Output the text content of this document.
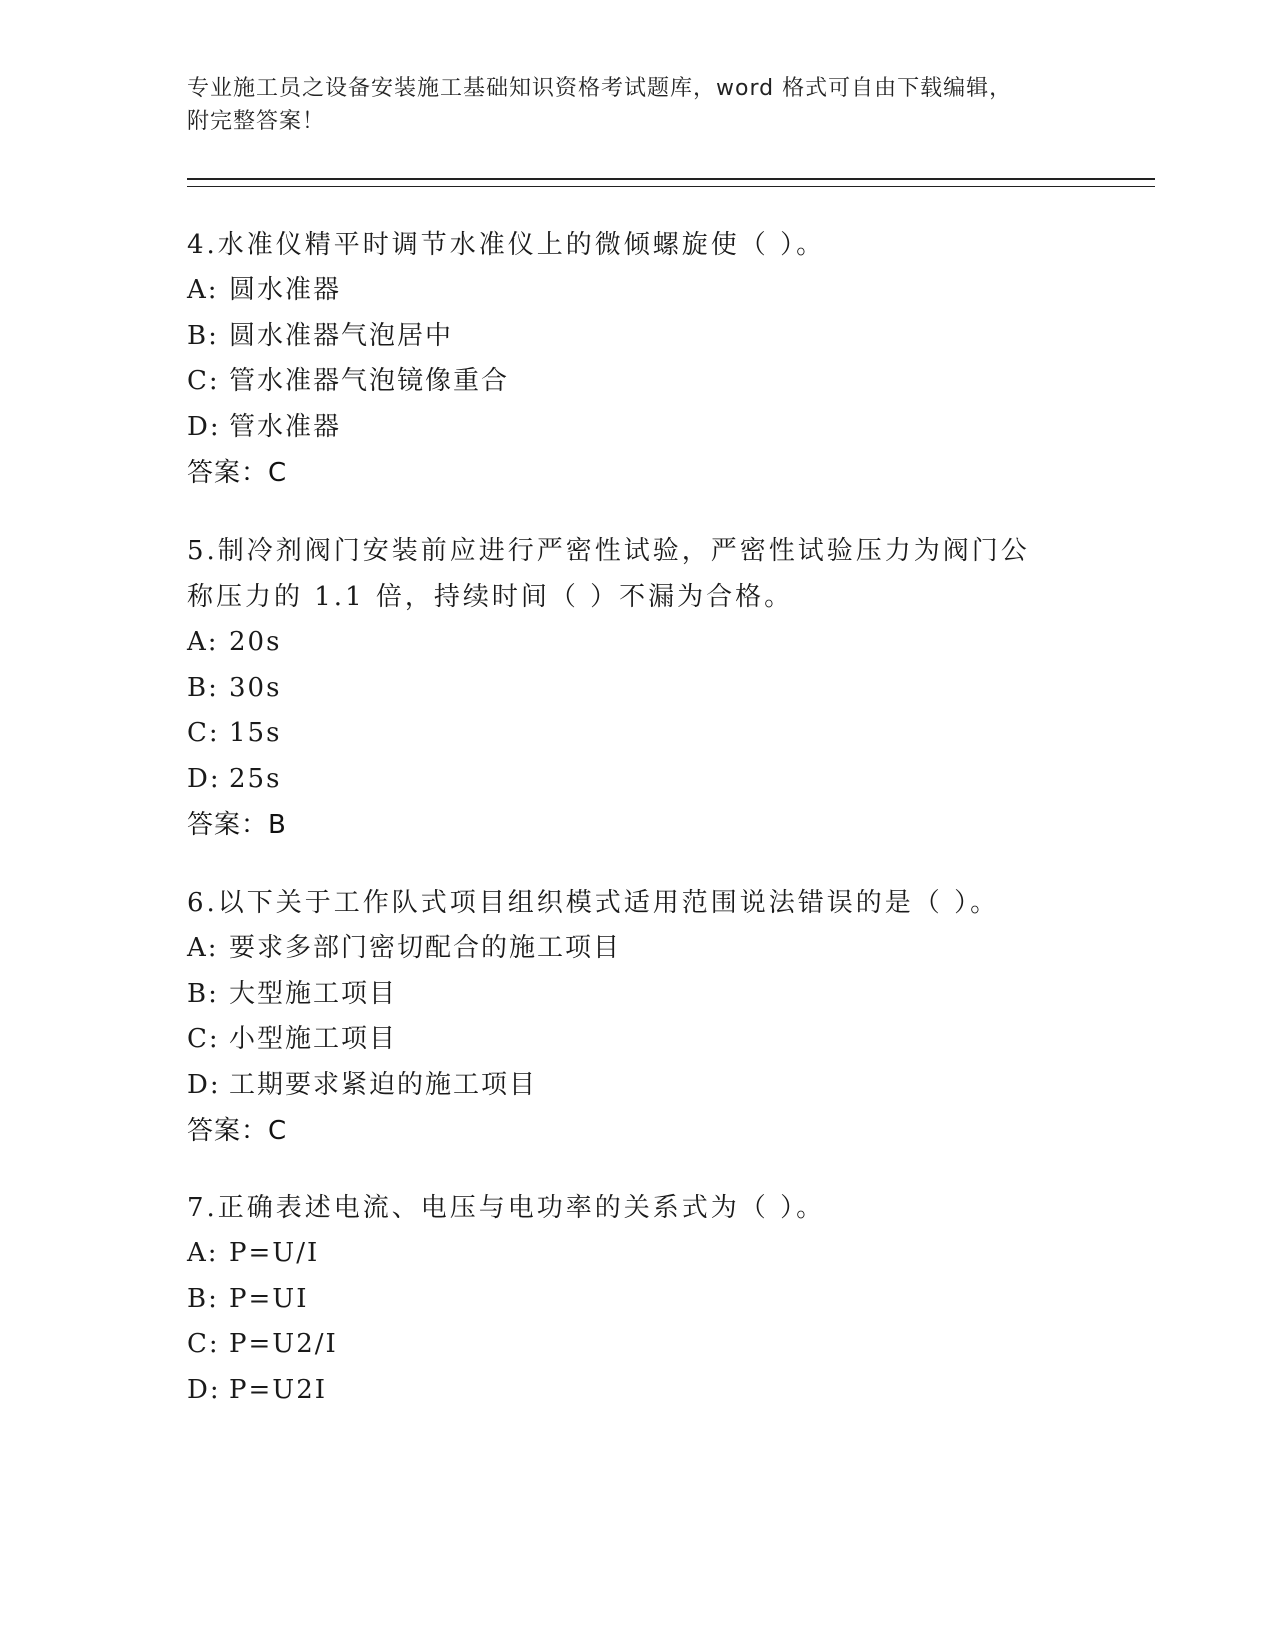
专业施工员之设备安装施工基础知识资格考试题库，word 格式可自由下载编辑，
附完整答案！
4.水准仪精平时调节水准仪上的微倾螺旋使（ ）。
A: 圆水准器
B: 圆水准器气泡居中
C: 管水准器气泡镜像重合
D: 管水准器
答案：C
5.制冷剂阀门安装前应进行严密性试验，严密性试验压力为阀门公称压力的 1.1 倍，持续时间（ ）不漏为合格。
A: 20s
B: 30s
C: 15s
D: 25s
答案：B
6.以下关于工作队式项目组织模式适用范围说法错误的是（ ）。
A: 要求多部门密切配合的施工项目
B: 大型施工项目
C: 小型施工项目
D: 工期要求紧迫的施工项目
答案：C
7.正确表述电流、电压与电功率的关系式为（ ）。
A: P=U/I
B: P=UI
C: P=U2/I
D: P=U2I
